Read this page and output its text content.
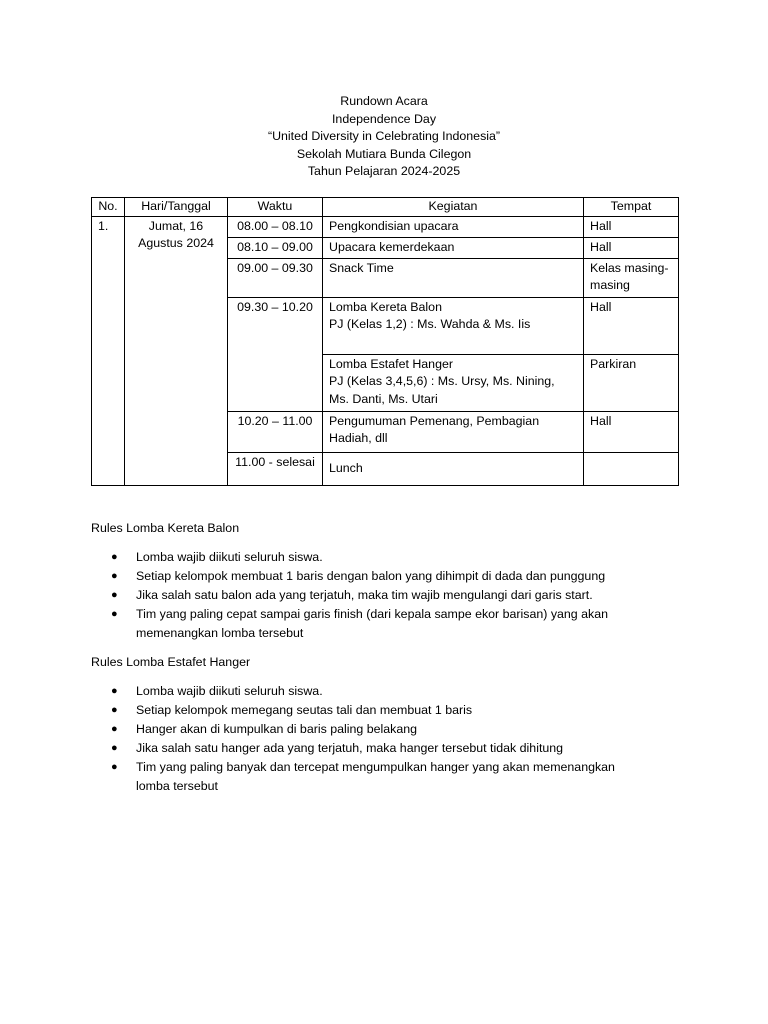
Rundown Acara
Independence Day
“United Diversity in Celebrating Indonesia”
Sekolah Mutiara Bunda Cilegon
Tahun Pelajaran 2024-2025
No.	Hari/Tanggal	Waktu	Kegiatan	Tempat
1.	Jumat, 16 Agustus 2024	08.00 – 08.10	Pengkondisian upacara	Hall
		08.10 – 09.00	Upacara kemerdekaan	Hall
		09.00 – 09.30	Snack Time	Kelas masing-masing
		09.30 – 10.20	Lomba Kereta Balon
PJ (Kelas 1,2) : Ms. Wahda & Ms. Iis	Hall

			Lomba Estafet Hanger
PJ (Kelas 3,4,5,6) : Ms. Ursy, Ms. Nining, Ms. Danti, Ms. Utari	Parkiran
		10.20 – 11.00	Pengumuman Pemenang, Pembagian Hadiah, dll	Hall
		11.00 - selesai	Lunch	
Rules Lomba Kereta Balon
● Lomba wajib diikuti seluruh siswa.
● Setiap kelompok membuat 1 baris dengan balon yang dihimpit di dada dan punggung
● Jika salah satu balon ada yang terjatuh, maka tim wajib mengulangi dari garis start.
● Tim yang paling cepat sampai garis finish (dari kepala sampe ekor barisan) yang akan memenangkan lomba tersebut
Rules Lomba Estafet Hanger
● Lomba wajib diikuti seluruh siswa.
● Setiap kelompok memegang seutas tali dan membuat 1 baris
● Hanger akan di kumpulkan di baris paling belakang
● Jika salah satu hanger ada yang terjatuh, maka hanger tersebut tidak dihitung
● Tim yang paling banyak dan tercepat mengumpulkan hanger yang akan memenangkan lomba tersebut
